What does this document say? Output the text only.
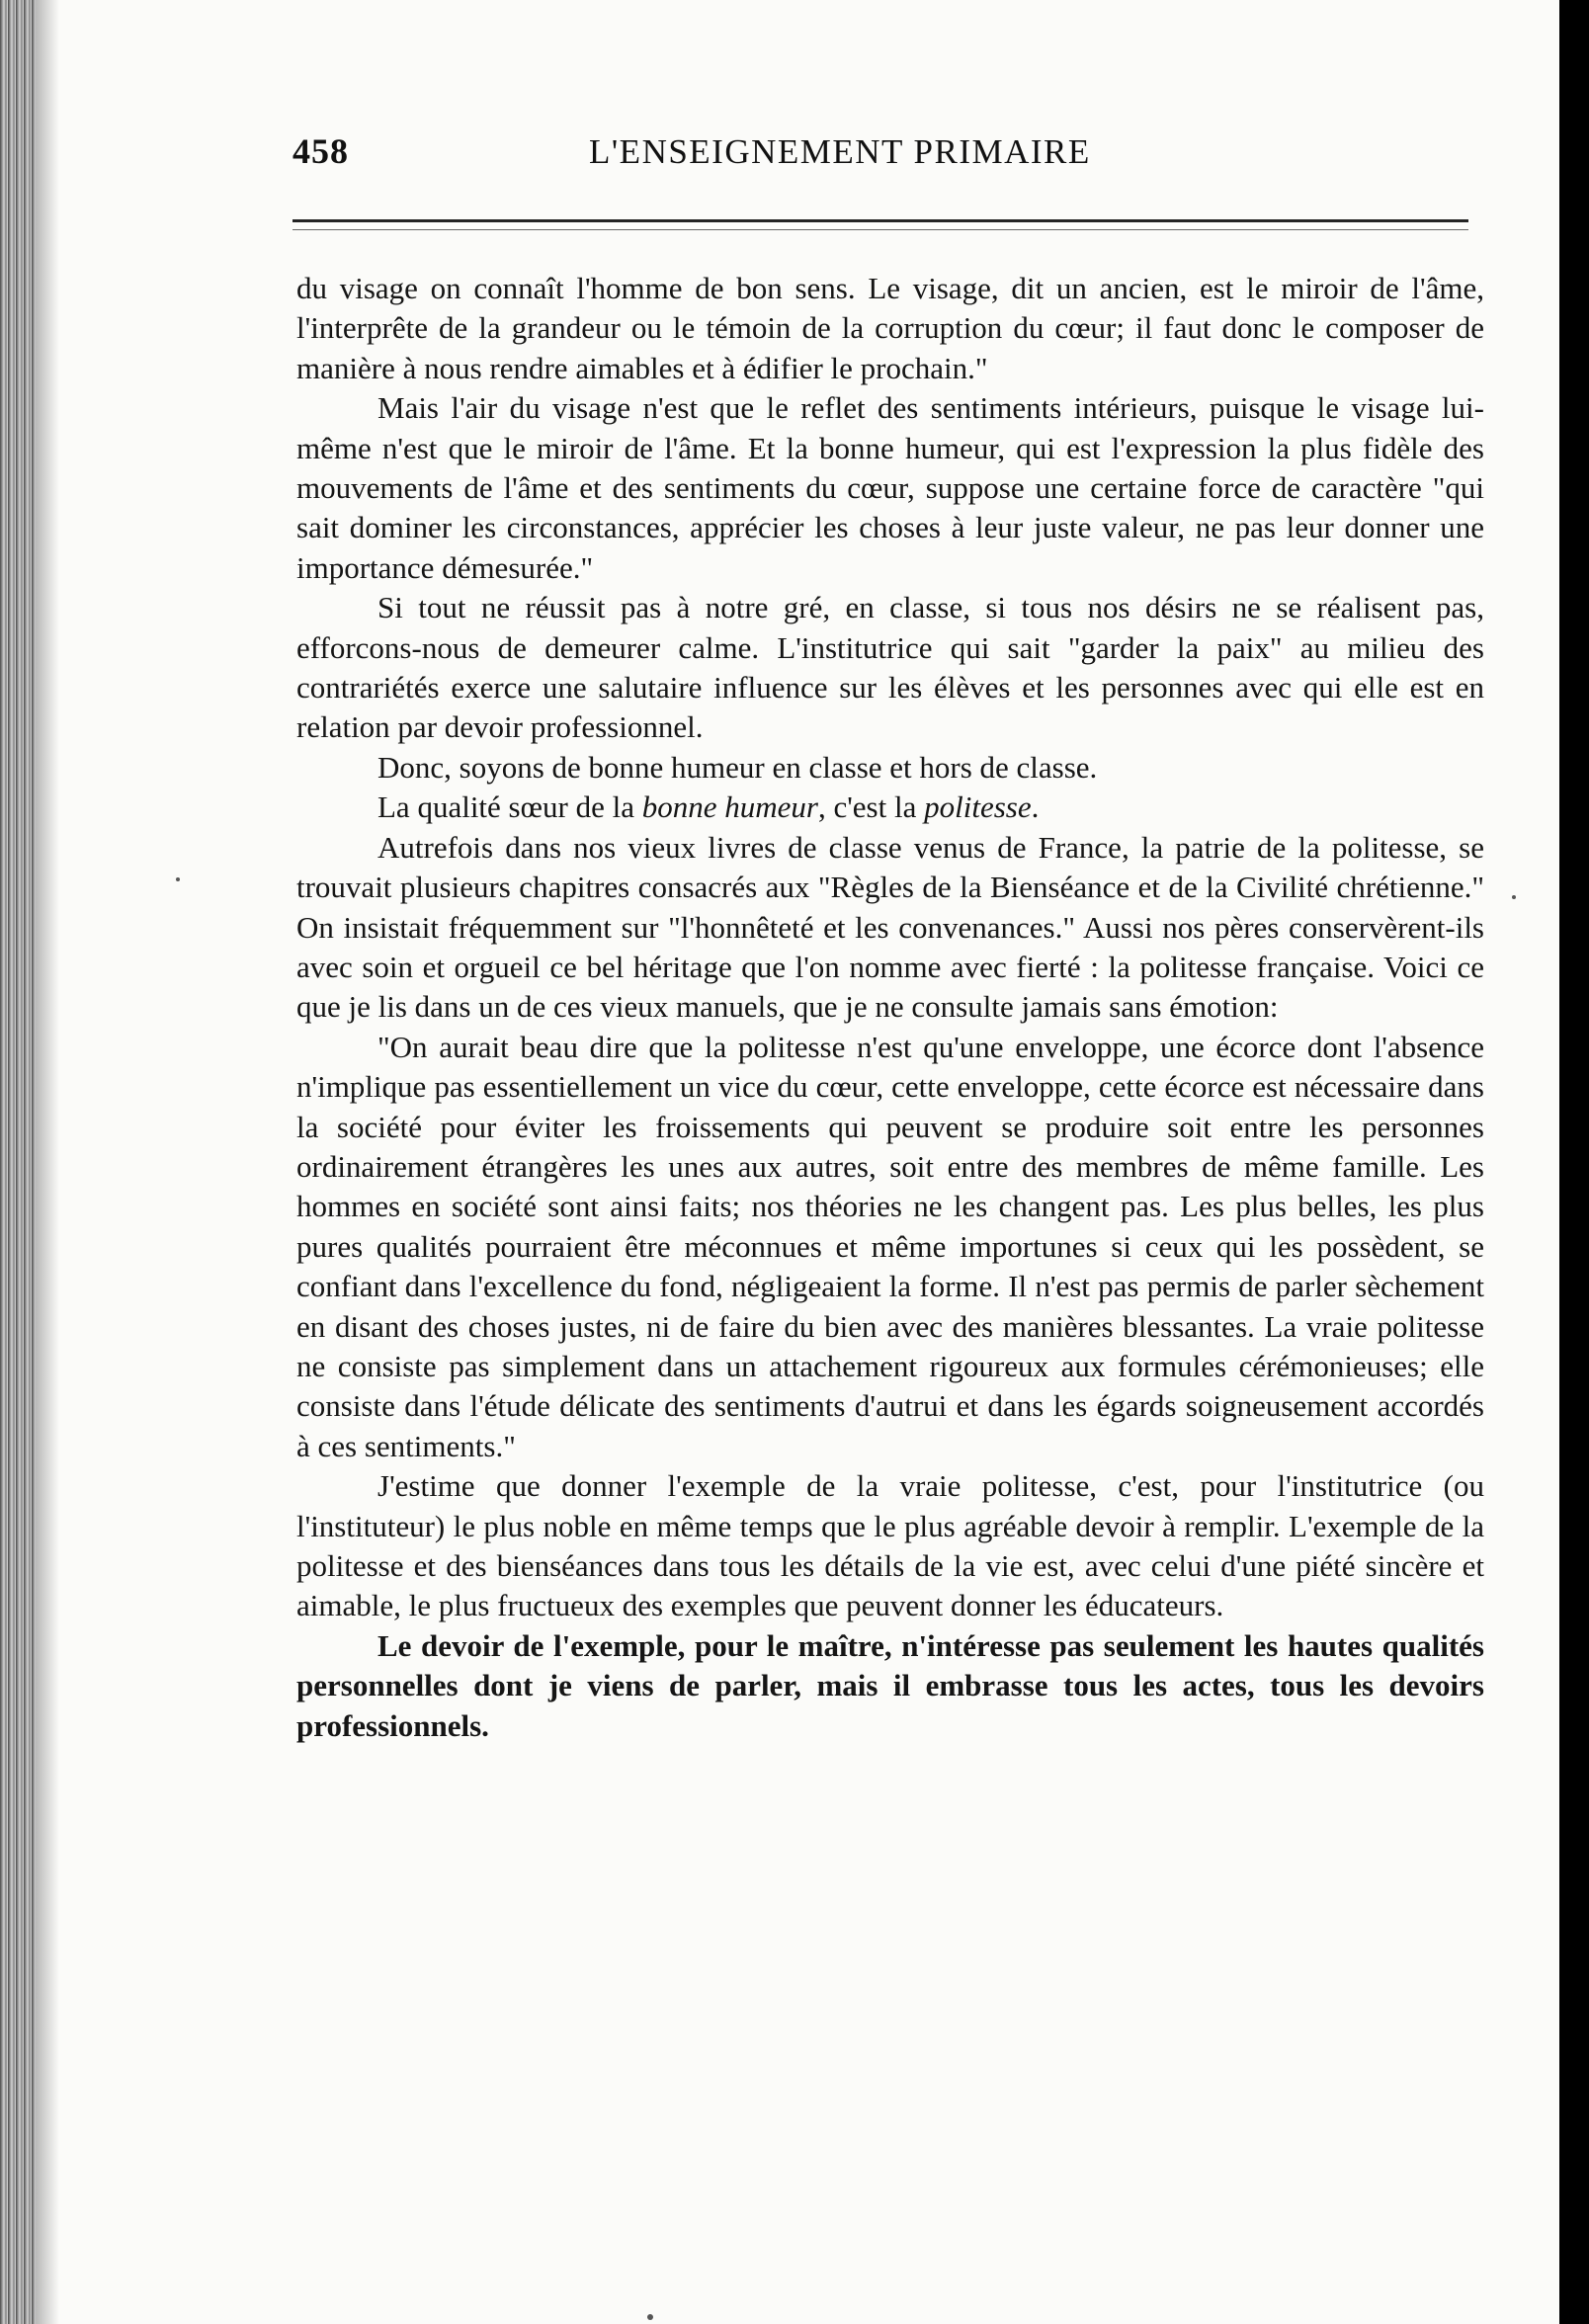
458	L'ENSEIGNEMENT PRIMAIRE

du visage on connaît l'homme de bon sens. Le visage, dit un ancien, est le miroir de l'âme, l'interprête de la grandeur ou le témoin de la corruption du cœur; il faut donc le composer de manière à nous rendre aimables et à édifier le prochain."

Mais l'air du visage n'est que le reflet des sentiments intérieurs, puisque le visage lui-même n'est que le miroir de l'âme. Et la bonne humeur, qui est l'expression la plus fidèle des mouvements de l'âme et des sentiments du cœur, suppose une certaine force de caractère "qui sait dominer les circonstances, apprécier les choses à leur juste valeur, ne pas leur donner une importance démesurée."

Si tout ne réussit pas à notre gré, en classe, si tous nos désirs ne se réalisent pas, efforcons-nous de demeurer calme. L'institutrice qui sait "garder la paix" au milieu des contrariétés exerce une salutaire influence sur les élèves et les personnes avec qui elle est en relation par devoir professionnel.

Donc, soyons de bonne humeur en classe et hors de classe.

La qualité sœur de la bonne humeur, c'est la politesse.

Autrefois dans nos vieux livres de classe venus de France, la patrie de la politesse, se trouvait plusieurs chapitres consacrés aux "Règles de la Bienséance et de la Civilité chrétienne." On insistait fréquemment sur "l'honnêteté et les convenances." Aussi nos pères conservèrent-ils avec soin et orgueil ce bel héritage que l'on nomme avec fierté : la politesse française. Voici ce que je lis dans un de ces vieux manuels, que je ne consulte jamais sans émotion:

"On aurait beau dire que la politesse n'est qu'une enveloppe, une écorce dont l'absence n'implique pas essentiellement un vice du cœur, cette enveloppe, cette écorce est nécessaire dans la société pour éviter les froissements qui peuvent se produire soit entre les personnes ordinairement étrangères les unes aux autres, soit entre des membres de même famille. Les hommes en société sont ainsi faits; nos théories ne les changent pas. Les plus belles, les plus pures qualités pourraient être méconnues et même importunes si ceux qui les possèdent, se confiant dans l'excellence du fond, négligeaient la forme. Il n'est pas permis de parler sèchement en disant des choses justes, ni de faire du bien avec des manières blessantes. La vraie politesse ne consiste pas simplement dans un attachement rigoureux aux formules cérémonieuses; elle consiste dans l'étude délicate des sentiments d'autrui et dans les égards soigneusement accordés à ces sentiments."

J'estime que donner l'exemple de la vraie politesse, c'est, pour l'institutrice (ou l'instituteur) le plus noble en même temps que le plus agréable devoir à remplir. L'exemple de la politesse et des bienséances dans tous les détails de la vie est, avec celui d'une piété sincère et aimable, le plus fructueux des exemples que peuvent donner les éducateurs.

Le devoir de l'exemple, pour le maître, n'intéresse pas seulement les hautes qualités personnelles dont je viens de parler, mais il embrasse tous les actes, tous les devoirs professionnels.
